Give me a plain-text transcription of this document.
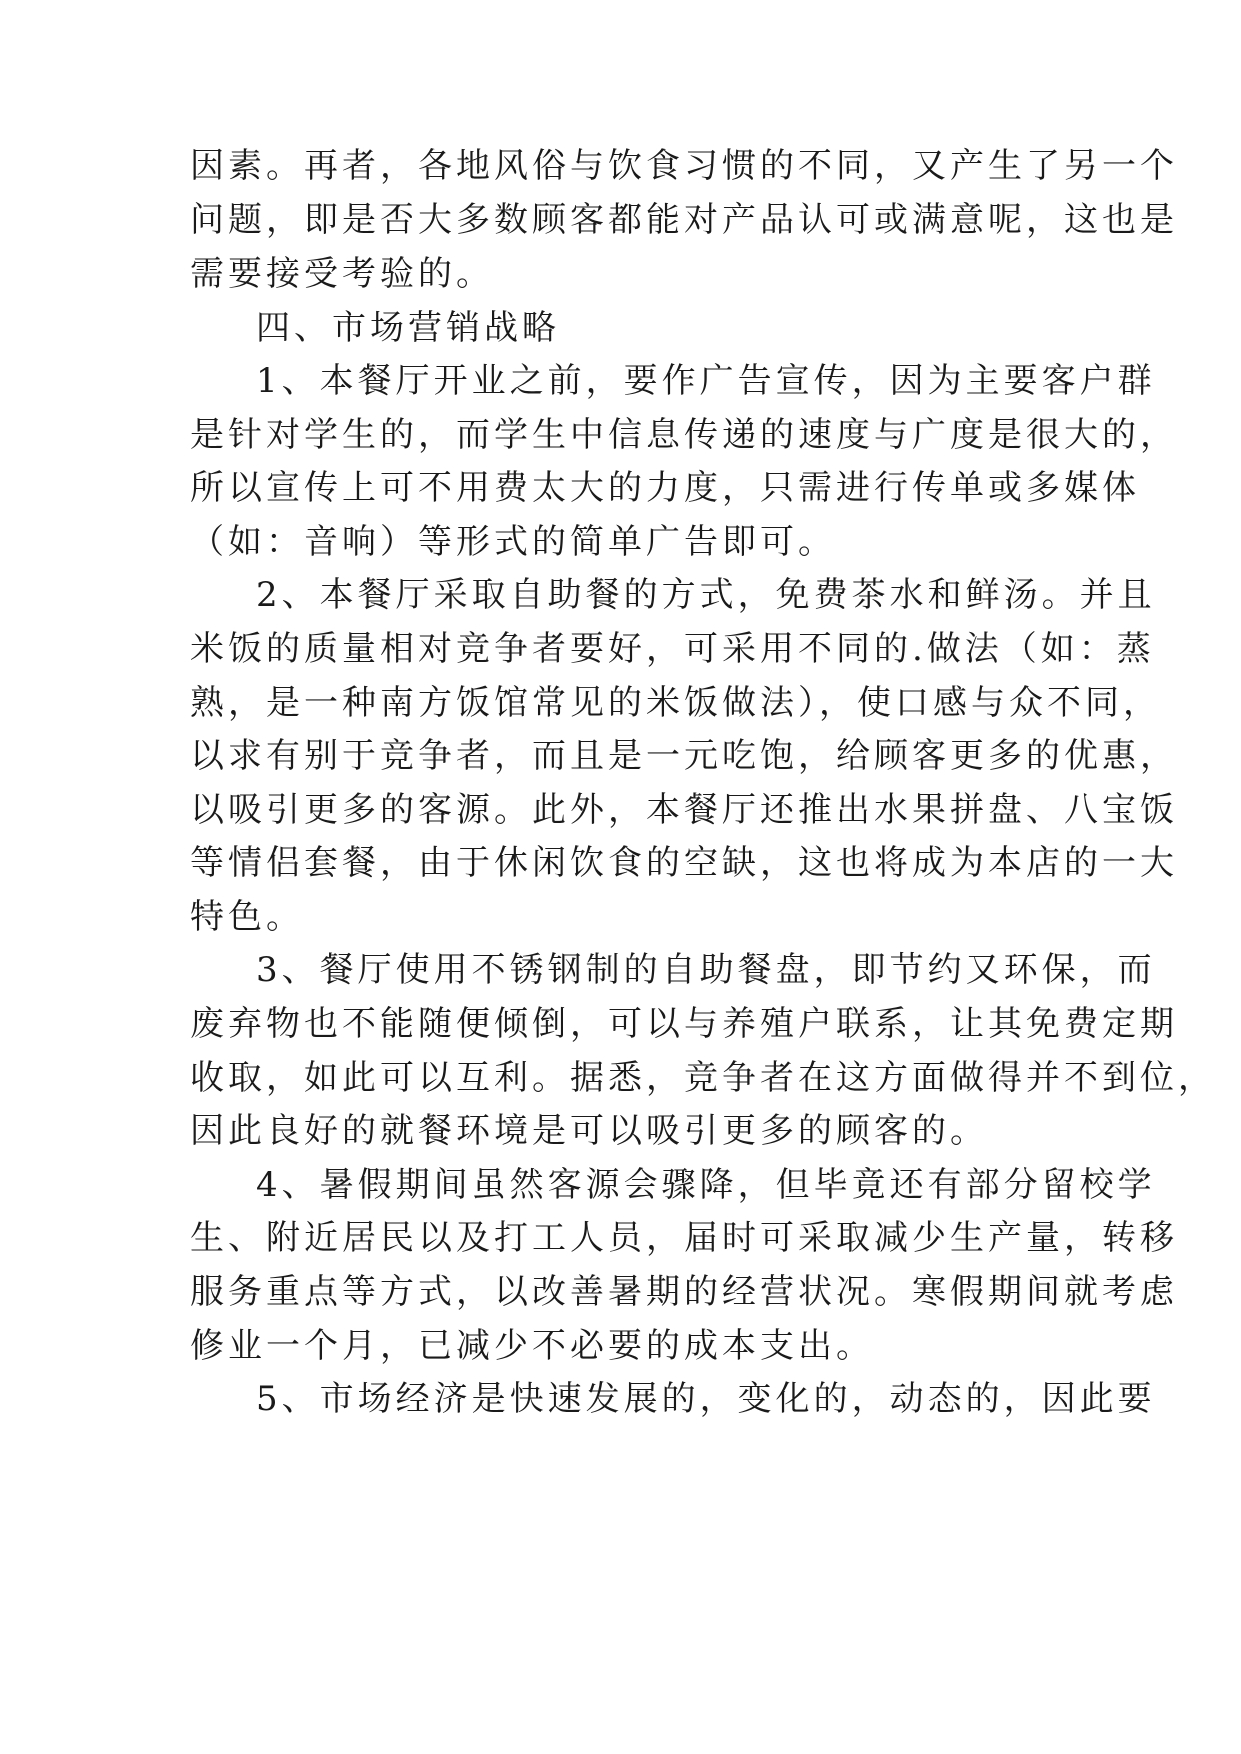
因素。再者，各地风俗与饮食习惯的不同，又产生了另一个
问题，即是否大多数顾客都能对产品认可或满意呢，这也是
需要接受考验的。
四、市场营销战略
1、本餐厅开业之前，要作广告宣传，因为主要客户群
是针对学生的，而学生中信息传递的速度与广度是很大的，
所以宣传上可不用费太大的力度，只需进行传单或多媒体
（如：音响）等形式的简单广告即可。
2、本餐厅采取自助餐的方式，免费茶水和鲜汤。并且
米饭的质量相对竞争者要好，可采用不同的.做法（如：蒸
熟，是一种南方饭馆常见的米饭做法），使口感与众不同，
以求有别于竞争者，而且是一元吃饱，给顾客更多的优惠，
以吸引更多的客源。此外，本餐厅还推出水果拼盘、八宝饭
等情侣套餐，由于休闲饮食的空缺，这也将成为本店的一大
特色。
3、餐厅使用不锈钢制的自助餐盘，即节约又环保，而
废弃物也不能随便倾倒，可以与养殖户联系，让其免费定期
收取，如此可以互利。据悉，竞争者在这方面做得并不到位，
因此良好的就餐环境是可以吸引更多的顾客的。
4、暑假期间虽然客源会骤降，但毕竟还有部分留校学
生、附近居民以及打工人员，届时可采取减少生产量，转移
服务重点等方式，以改善暑期的经营状况。寒假期间就考虑
修业一个月，已减少不必要的成本支出。
5、市场经济是快速发展的，变化的，动态的，因此要
